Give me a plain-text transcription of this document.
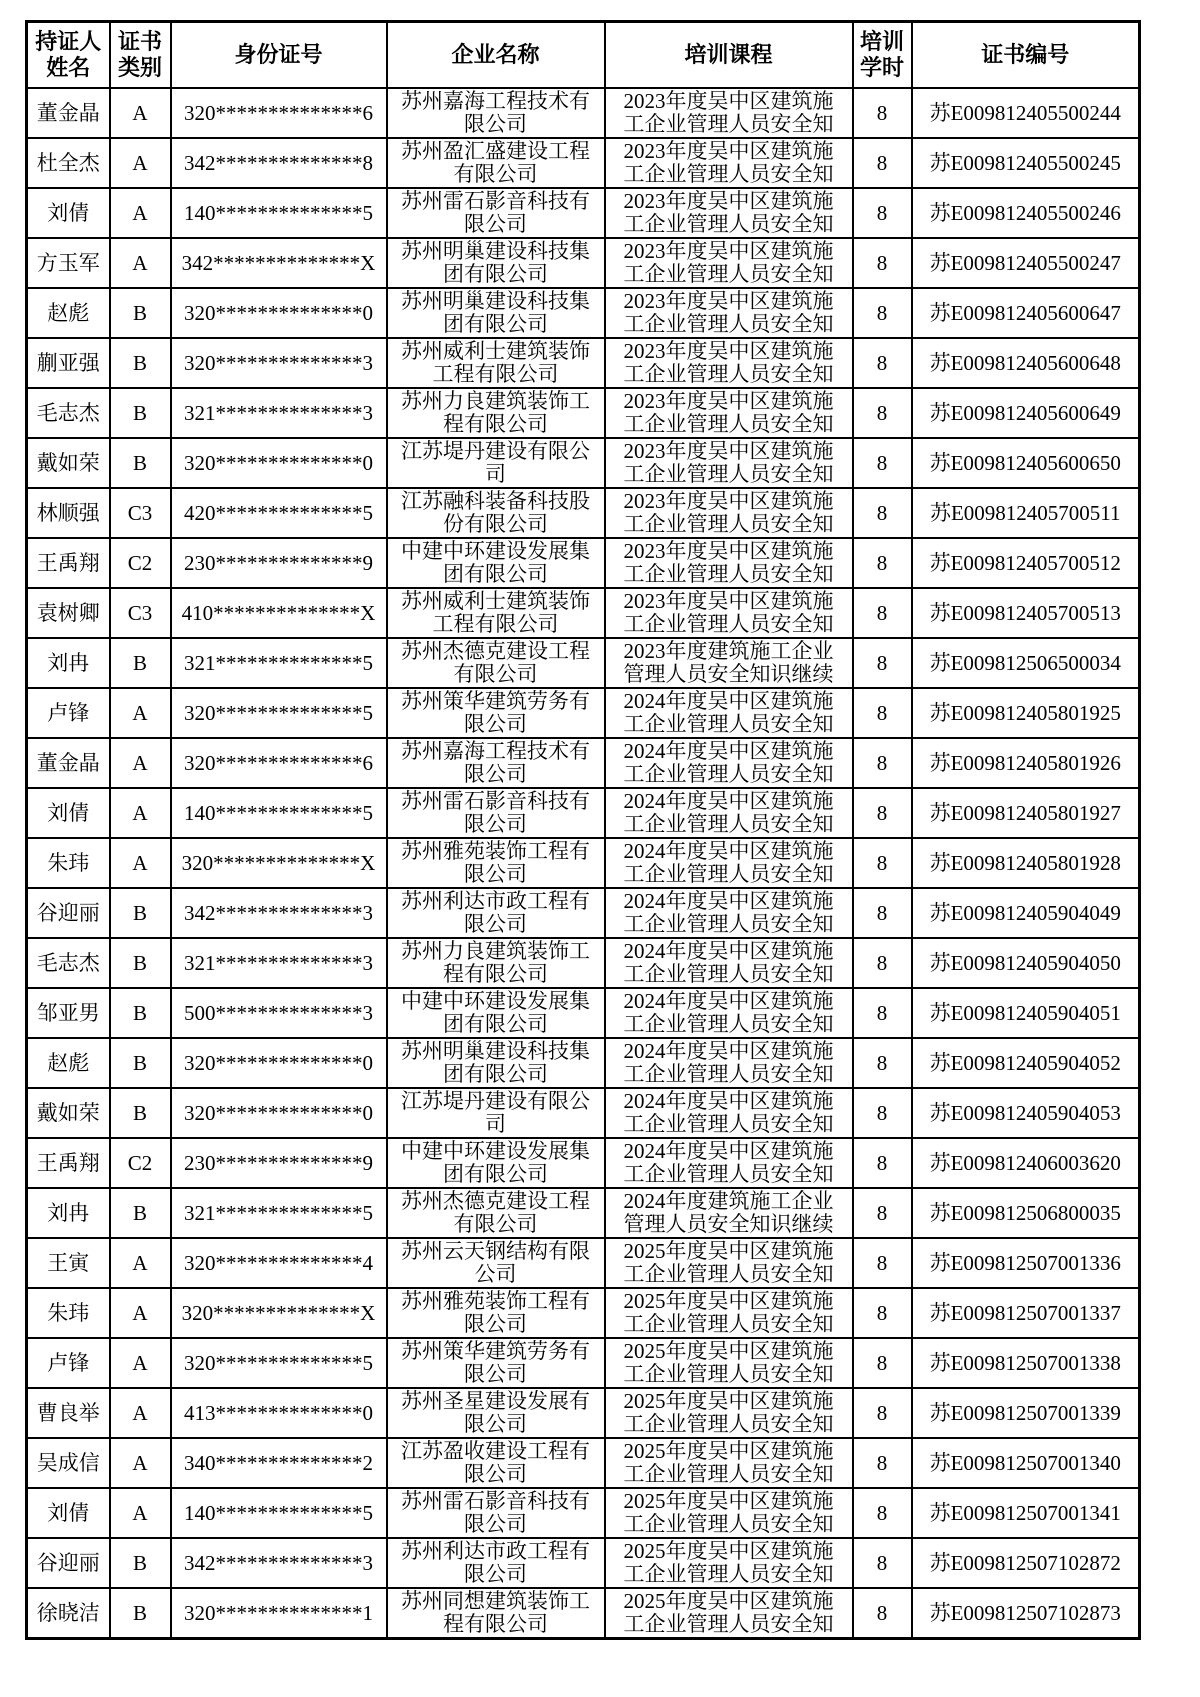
持证人姓名	证书类别	身份证号	企业名称	培训课程	培训学时	证书编号
董金晶	A	320**************6	苏州嘉海工程技术有限公司	2023年度吴中区建筑施工企业管理人员安全知	8	苏E009812405500244
杜全杰	A	342**************8	苏州盈汇盛建设工程有限公司	2023年度吴中区建筑施工企业管理人员安全知	8	苏E009812405500245
刘倩	A	140**************5	苏州雷石影音科技有限公司	2023年度吴中区建筑施工企业管理人员安全知	8	苏E009812405500246
方玉军	A	342**************X	苏州明巢建设科技集团有限公司	2023年度吴中区建筑施工企业管理人员安全知	8	苏E009812405500247
赵彪	B	320**************0	苏州明巢建设科技集团有限公司	2023年度吴中区建筑施工企业管理人员安全知	8	苏E009812405600647
蒯亚强	B	320**************3	苏州威利士建筑装饰工程有限公司	2023年度吴中区建筑施工企业管理人员安全知	8	苏E009812405600648
毛志杰	B	321**************3	苏州力良建筑装饰工程有限公司	2023年度吴中区建筑施工企业管理人员安全知	8	苏E009812405600649
戴如荣	B	320**************0	江苏堤丹建设有限公司	2023年度吴中区建筑施工企业管理人员安全知	8	苏E009812405600650
林顺强	C3	420**************5	江苏融科装备科技股份有限公司	2023年度吴中区建筑施工企业管理人员安全知	8	苏E009812405700511
王禹翔	C2	230**************9	中建中环建设发展集团有限公司	2023年度吴中区建筑施工企业管理人员安全知	8	苏E009812405700512
袁树卿	C3	410**************X	苏州威利士建筑装饰工程有限公司	2023年度吴中区建筑施工企业管理人员安全知	8	苏E009812405700513
刘冉	B	321**************5	苏州杰德克建设工程有限公司	2023年度建筑施工企业管理人员安全知识继续	8	苏E009812506500034
卢锋	A	320**************5	苏州策华建筑劳务有限公司	2024年度吴中区建筑施工企业管理人员安全知	8	苏E009812405801925
董金晶	A	320**************6	苏州嘉海工程技术有限公司	2024年度吴中区建筑施工企业管理人员安全知	8	苏E009812405801926
刘倩	A	140**************5	苏州雷石影音科技有限公司	2024年度吴中区建筑施工企业管理人员安全知	8	苏E009812405801927
朱玮	A	320**************X	苏州雅苑装饰工程有限公司	2024年度吴中区建筑施工企业管理人员安全知	8	苏E009812405801928
谷迎丽	B	342**************3	苏州利达市政工程有限公司	2024年度吴中区建筑施工企业管理人员安全知	8	苏E009812405904049
毛志杰	B	321**************3	苏州力良建筑装饰工程有限公司	2024年度吴中区建筑施工企业管理人员安全知	8	苏E009812405904050
邹亚男	B	500**************3	中建中环建设发展集团有限公司	2024年度吴中区建筑施工企业管理人员安全知	8	苏E009812405904051
赵彪	B	320**************0	苏州明巢建设科技集团有限公司	2024年度吴中区建筑施工企业管理人员安全知	8	苏E009812405904052
戴如荣	B	320**************0	江苏堤丹建设有限公司	2024年度吴中区建筑施工企业管理人员安全知	8	苏E009812405904053
王禹翔	C2	230**************9	中建中环建设发展集团有限公司	2024年度吴中区建筑施工企业管理人员安全知	8	苏E009812406003620
刘冉	B	321**************5	苏州杰德克建设工程有限公司	2024年度建筑施工企业管理人员安全知识继续	8	苏E009812506800035
王寅	A	320**************4	苏州云天钢结构有限公司	2025年度吴中区建筑施工企业管理人员安全知	8	苏E009812507001336
朱玮	A	320**************X	苏州雅苑装饰工程有限公司	2025年度吴中区建筑施工企业管理人员安全知	8	苏E009812507001337
卢锋	A	320**************5	苏州策华建筑劳务有限公司	2025年度吴中区建筑施工企业管理人员安全知	8	苏E009812507001338
曹良举	A	413**************0	苏州圣星建设发展有限公司	2025年度吴中区建筑施工企业管理人员安全知	8	苏E009812507001339
吴成信	A	340**************2	江苏盈收建设工程有限公司	2025年度吴中区建筑施工企业管理人员安全知	8	苏E009812507001340
刘倩	A	140**************5	苏州雷石影音科技有限公司	2025年度吴中区建筑施工企业管理人员安全知	8	苏E009812507001341
谷迎丽	B	342**************3	苏州利达市政工程有限公司	2025年度吴中区建筑施工企业管理人员安全知	8	苏E009812507102872
徐晓洁	B	320**************1	苏州同想建筑装饰工程有限公司	2025年度吴中区建筑施工企业管理人员安全知	8	苏E009812507102873
